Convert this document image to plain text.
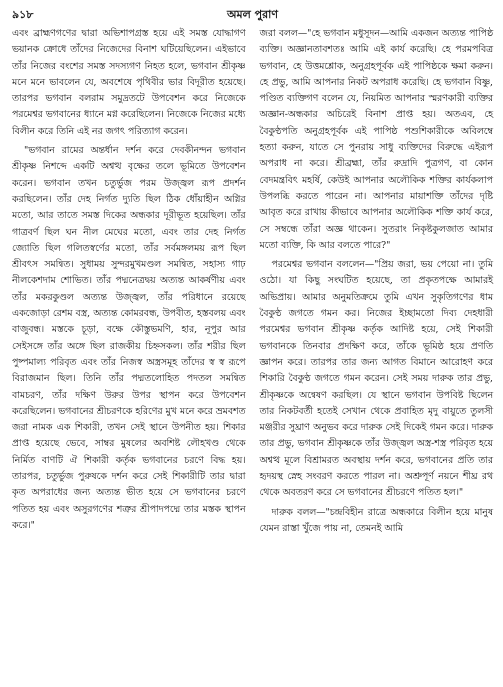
৯১৮	অমল পুরাণ

এবং ব্রাহ্মণগণের দ্বারা অভিশাপগ্রস্ত হয়ে এই সমস্ত যোদ্ধাগণ ভয়ানক ক্রোধে তাঁদের নিজেদের বিনাশ ঘটিয়েছিলেন। এইভাবে তাঁর নিজের বংশের সমস্ত সদস্যগণ নিহত হলে, ভগবান শ্রীকৃষ্ণ মনে মনে ভাবলেন যে, অবশেষে পৃথিবীর ভার বিদূরীত হয়েছে। তারপর ভগবান বলরাম সমুদ্রতটে উপবেশন করে নিজেকে পরমেশ্বর ভগবানের ধ্যানে মগ্ন করেছিলেন। নিজেকে নিজের মধ্যে বিলীন করে তিনি এই নর জগৎ পরিত্যাগ করেন।

"ভগবান রামের অন্তর্ধান দর্শন করে দেবকীনন্দন ভগবান শ্রীকৃষ্ণ নিশব্দে একটি অশ্বত্থ বৃক্ষের তলে ভূমিতে উপবেশন করেন। ভগবান তখন চতুর্ভুজ পরম উজ্জ্বল রূপ প্রদর্শন করছিলেন। তাঁর দেহ নির্গত দ্যুতি ছিল ঠিক ধোঁয়াহীন অগ্নির মতো, আর তাতে সমস্ত দিকের অন্ধকার দূরীভূত হয়েছিল। তাঁর গাত্রবর্ণ ছিল ঘন নীল মেঘের মতো, এবং তার দেহ নির্গত জ্যোতি ছিল গলিতস্বর্ণের মতো, তাঁর সর্বমঙ্গলময় রূপ ছিল শ্রীবৎস সমন্বিত। সুধাময় সুন্দরমুখমণ্ডল সমন্বিত, সহাস্য গাঢ় নীলকেশদাম শোভিত। তাঁর পদ্মনেত্রদ্বয় অত্যন্ত আকর্ষণীয় এবং তাঁর মকরকুণ্ডল অত্যন্ত উজ্জ্বল, তাঁর পরিধানে রয়েছে একজোড়া রেশম বস্ত্র, অত্যন্ত কোমরবন্ধ, উপবীত, হস্তবলয় এবং বাজুবন্ধ। মস্তকে চূড়া, বক্ষে কৌস্তুভমণি, হার, নূপুর আর সেইসঙ্গে তাঁর অঙ্গে ছিল রাজকীয় চিহ্নসকল। তাঁর শরীর ছিল পুষ্পমাল্য পরিবৃত এবং তাঁর নিজস্ব অস্ত্রসমূহ তাঁদের স্ব স্ব রূপে বিরাজমান ছিল। তিনি তাঁর পদ্মতলোহিত পদতল সমন্বিত বামচরণ, তাঁর দক্ষিণ উরুর উপর স্থাপন করে উপবেশন করেছিলেন। ভগবানের শ্রীচরণকে হরিণের মুখ মনে করে ভ্রমবশত জরা নামক এক শিকারী, তখন সেই স্থানে উপনীত হয়। শিকার প্রাপ্ত হয়েছে ভেবে, সাম্বর মুষলের অবশিষ্ট লৌহখণ্ড থেকে নির্মিত বাণটি ঐ শিকারী কর্তৃক ভগবানের চরণে বিদ্ধ হয়। তারপর, চতুর্ভুজ পুরুষকে দর্শন করে সেই শিকারীটি তার দ্বারা কৃত অপরাধের জন্য অত্যন্ত ভীত হয়ে সে ভগবানের চরণে পতিত হয় এবং অসুরগণের শত্রুর শ্রীপাদপদ্মে তার মস্তক স্থাপন করে।"

জরা বলল—"হে ভগবান মধুসূদন—আমি একজন অত্যন্ত পাপিষ্ঠ ব্যক্তি। অজ্ঞানতাবশতঃ আমি এই কার্য করেছি। হে পরমপবিত্র ভগবান, হে উত্তমশ্লোক, অনুগ্রহপূর্বক এই পাপিষ্ঠকে ক্ষমা করুন। হে প্রভু, আমি আপনার নিকট অপরাধ করেছি। হে ভগবান বিষ্ণু, পণ্ডিত ব্যক্তিগণ বলেন যে, নিয়মিত আপনার স্মরণকারী ব্যক্তির অজ্ঞান-অন্ধকার অচিরেই বিনাশ প্রাপ্ত হয়। অতএব, হে বৈকুণ্ঠপতি অনুগ্রহপূর্বক এই পাপিষ্ঠ পশুশিকারীকে অবিলম্বে হত্যা করুন, যাতে সে পুনরায় সাধু ব্যক্তিদের বিরুদ্ধে এইরূপ অপরাধ না করে। শ্রীব্রহ্মা, তাঁর রুদ্রাদি পুত্রগণ, বা কোন বেদমন্ত্রবিৎ মহর্ষি, কেউই আপনার অলৌকিক শক্তির কার্যকলাপ উপলব্ধি করতে পারেন না। আপনার মায়াশক্তি তাঁদের দৃষ্টি আবৃত করে রাখায় কীভাবে আপনার অলৌকিক শক্তি কার্য করে, সে সম্বন্ধে তাঁরা অজ্ঞ থাকেন। সুতরাং নিকৃষ্টকুলজাত আমার মতো ব্যক্তি, কি আর বলতে পারে?"

পরমেশ্বর ভগবান বললেন—"প্রিয় জরা, ভয় পেয়ো না। তুমি ওঠো। যা কিছু সংঘটিত হয়েছে, তা প্রকৃতপক্ষে আমারই অভিপ্রায়। আমার অনুমতিক্রমে তুমি এখন সুকৃতিগণের ধাম বৈকুণ্ঠ জগতে গমন কর। নিজের ইচ্ছামতো দিব্য দেহধারী পরমেশ্বর ভগবান শ্রীকৃষ্ণ কর্তৃক আদিষ্ট হয়ে, সেই শিকারী ভগবানকে তিনবার প্রদক্ষিণ করে, তাঁকে ভূমিষ্ঠ হয়ে প্রণতি জ্ঞাপন করে। তারপর তার জন্য আগত বিমানে আরোহণ করে শিকারি বৈকুণ্ঠ জগতে গমন করেন। সেই সময় দারুক তার প্রভু, শ্রীকৃষ্ণকে অন্বেষণ করছিল। যে স্থানে ভগবান উপবিষ্ট ছিলেন তার নিকটবর্তী হতেই সেখান থেকে প্রবাহিত মৃদু বায়ুতে তুলসী মঞ্জরীর সুঘ্রাণ অনুভব করে দারুক সেই দিকেই গমন করে। দারুক তার প্রভু, ভগবান শ্রীকৃষ্ণকে তাঁর উজ্জ্বল অস্ত্র-শস্ত্র পরিবৃত হয়ে অশ্বত্থ মূলে বিশ্রামরত অবস্থায় দর্শন করে, ভগবানের প্রতি তার হৃদয়স্থ স্নেহ সংবরণ করতে পারল না। অশ্রুপূর্ণ নয়নে শীঘ্র রথ থেকে অবতরণ করে সে ভগবানের শ্রীচরণে পতিত হল।"

দারুক বলল—"চন্দ্রবিহীন রাত্রে অন্ধকারে বিলীন হয়ে মানুষ যেমন রাস্তা খুঁজে পায় না, তেমনই আমি
